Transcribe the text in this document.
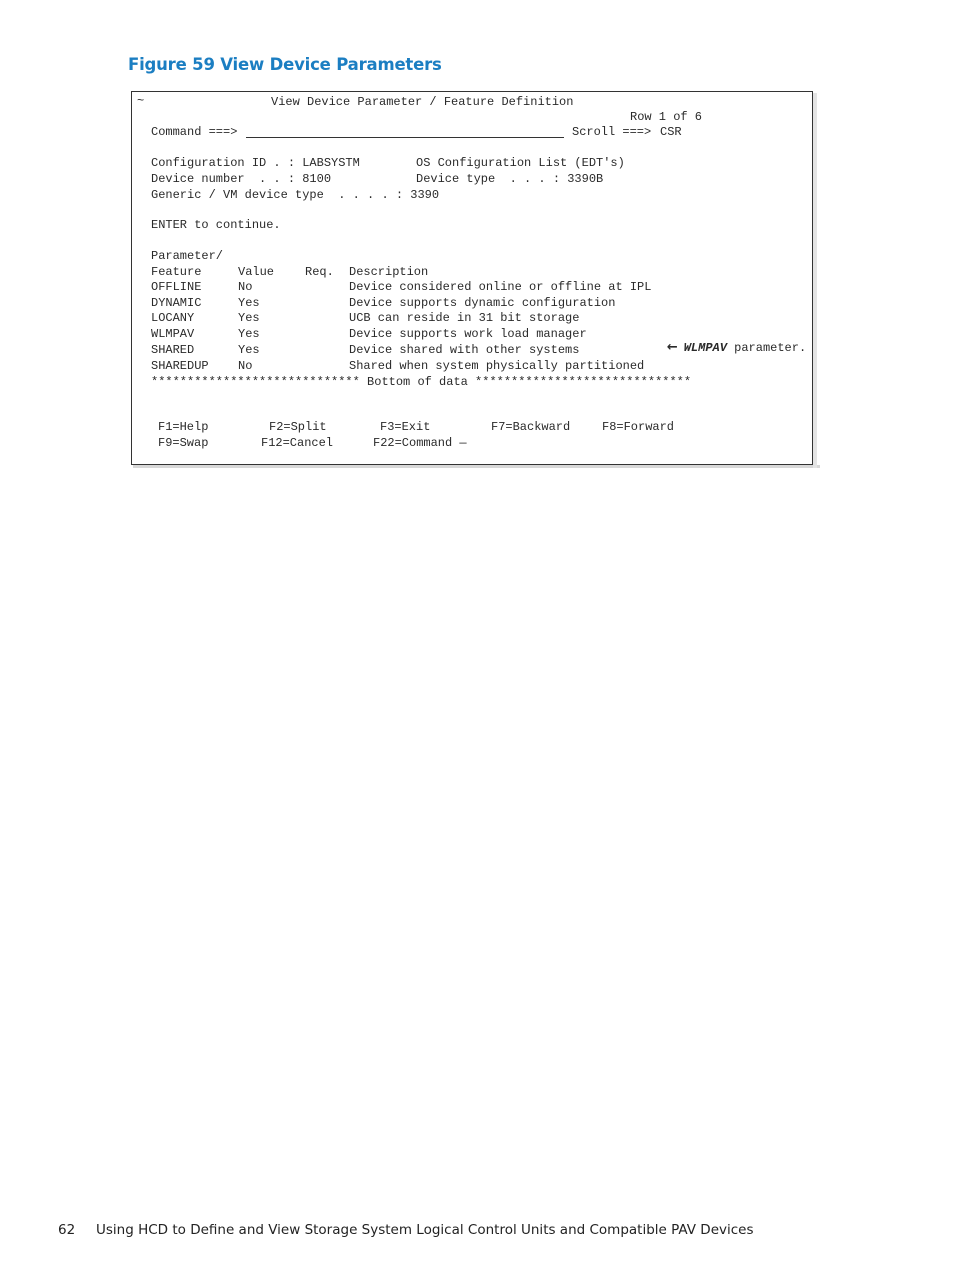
Figure 59 View Device Parameters
~	View Device Parameter / Feature Definition
Row 1 of 6
Command ===>	Scroll ===> CSR
Configuration ID . : LABSYSTM	OS Configuration List (EDT's)
Device number  . . : 8100	Device type  . . . : 3390B
Generic / VM device type  . . . . : 3390
ENTER to continue.
Parameter/
Feature	Value	Req. Description
OFFLINE	No	Device considered online or offline at IPL
DYNAMIC	Yes	Device supports dynamic configuration
LOCANY	Yes	UCB can reside in 31 bit storage
WLMPAV	Yes	Device supports work load manager
SHARED	Yes	Device shared with other systems
SHAREDUP No	Shared when system physically partitioned

← WLMPAV parameter.

***************************** Bottom of data ******************************
F1=Help	F2=Split	F3=Exit	F7=Backward	F8=Forward
F9=Swap	F12=Cancel	F22=Command —
62 Using HCD to Define and View Storage System Logical Control Units and Compatible PAV Devices
